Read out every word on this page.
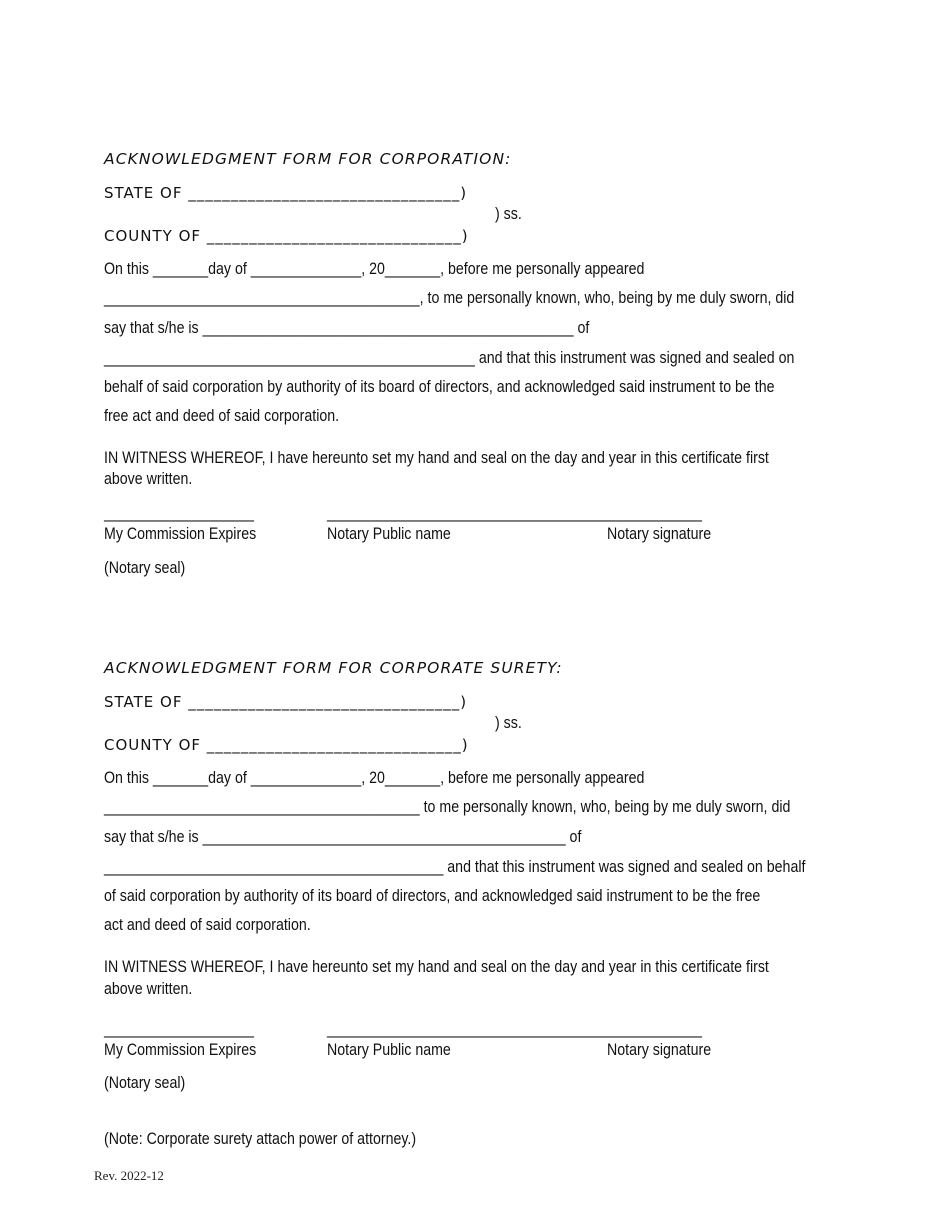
ACKNOWLEDGMENT FORM FOR CORPORATION:
STATE OF ________________________________)
) ss.
COUNTY OF ______________________________)
On this _______day of ______________, 20_______, before me personally appeared
________________________________________, to me personally known, who, being by me duly sworn, did
say that s/he is _______________________________________________ of
_______________________________________________ and that this instrument was signed and sealed on
behalf of said corporation by authority of its board of directors, and acknowledged said instrument to be the
free act and deed of said corporation.
IN WITNESS WHEREOF, I have hereunto set my hand and seal on the day and year in this certificate first
above written.
____________________	__________________________________________________
My Commission Expires	Notary Public name	Notary signature
(Notary seal)
ACKNOWLEDGMENT FORM FOR CORPORATE SURETY:
STATE OF ________________________________)
) ss.
COUNTY OF ______________________________)
On this _______day of ______________, 20_______, before me personally appeared
________________________________________ to me personally known, who, being by me duly sworn, did
say that s/he is ______________________________________________ of
___________________________________________ and that this instrument was signed and sealed on behalf
of said corporation by authority of its board of directors, and acknowledged said instrument to be the free
act and deed of said corporation.
IN WITNESS WHEREOF, I have hereunto set my hand and seal on the day and year in this certificate first
above written.
____________________	__________________________________________________
My Commission Expires	Notary Public name	Notary signature
(Notary seal)
(Note: Corporate surety attach power of attorney.)
Rev. 2022-12
